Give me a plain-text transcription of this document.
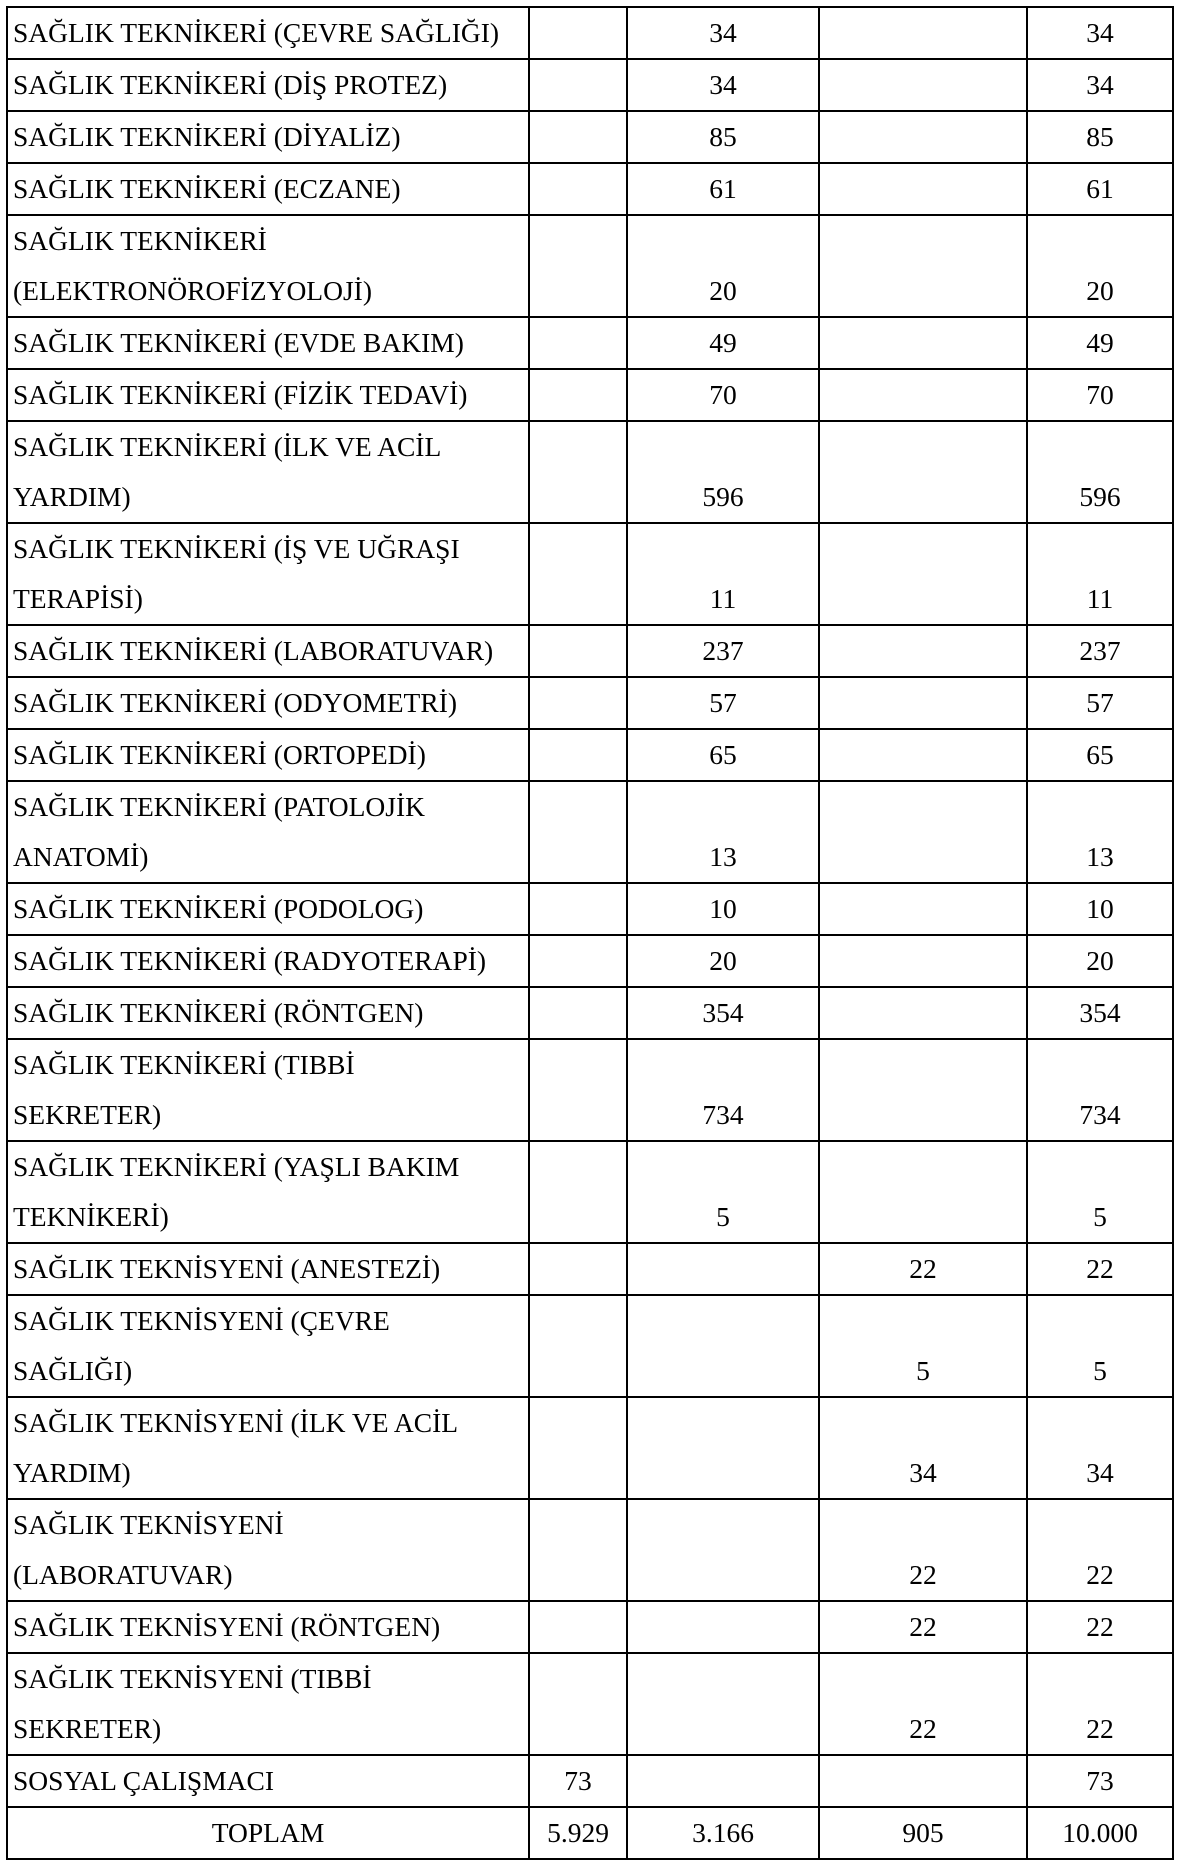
SAĞLIK TEKNİKERİ (ÇEVRE SAĞLIĞI)		34		34

SAĞLIK TEKNİKERİ (DİŞ PROTEZ)		34		34

SAĞLIK TEKNİKERİ (DİYALİZ)		85		85

SAĞLIK TEKNİKERİ (ECZANE)		61		61

SAĞLIK TEKNİKERİ
(ELEKTRONÖROFİZYOLOJİ)		20		20

SAĞLIK TEKNİKERİ (EVDE BAKIM)		49		49

SAĞLIK TEKNİKERİ (FİZİK TEDAVİ)		70		70

SAĞLIK TEKNİKERİ (İLK VE ACİL
YARDIM)		596		596

SAĞLIK TEKNİKERİ (İŞ VE UĞRAŞI
TERAPİSİ)		11		11

SAĞLIK TEKNİKERİ (LABORATUVAR)		237		237

SAĞLIK TEKNİKERİ (ODYOMETRİ)		57		57

SAĞLIK TEKNİKERİ (ORTOPEDİ)		65		65

SAĞLIK TEKNİKERİ (PATOLOJİK
ANATOMİ)		13		13

SAĞLIK TEKNİKERİ (PODOLOG)		10		10

SAĞLIK TEKNİKERİ (RADYOTERAPİ)		20		20

SAĞLIK TEKNİKERİ (RÖNTGEN)		354		354

SAĞLIK TEKNİKERİ (TIBBİ
SEKRETER)		734		734

SAĞLIK TEKNİKERİ (YAŞLI BAKIM
TEKNİKERİ)		5		5

SAĞLIK TEKNİSYENİ (ANESTEZİ)			22	22

SAĞLIK TEKNİSYENİ (ÇEVRE
SAĞLIĞI)			5	5

SAĞLIK TEKNİSYENİ (İLK VE ACİL
YARDIM)			34	34

SAĞLIK TEKNİSYENİ
(LABORATUVAR)			22	22

SAĞLIK TEKNİSYENİ (RÖNTGEN)			22	22

SAĞLIK TEKNİSYENİ (TIBBİ
SEKRETER)			22	22

SOSYAL ÇALIŞMACI	73			73
TOPLAM	5.929	3.166	905	10.000
